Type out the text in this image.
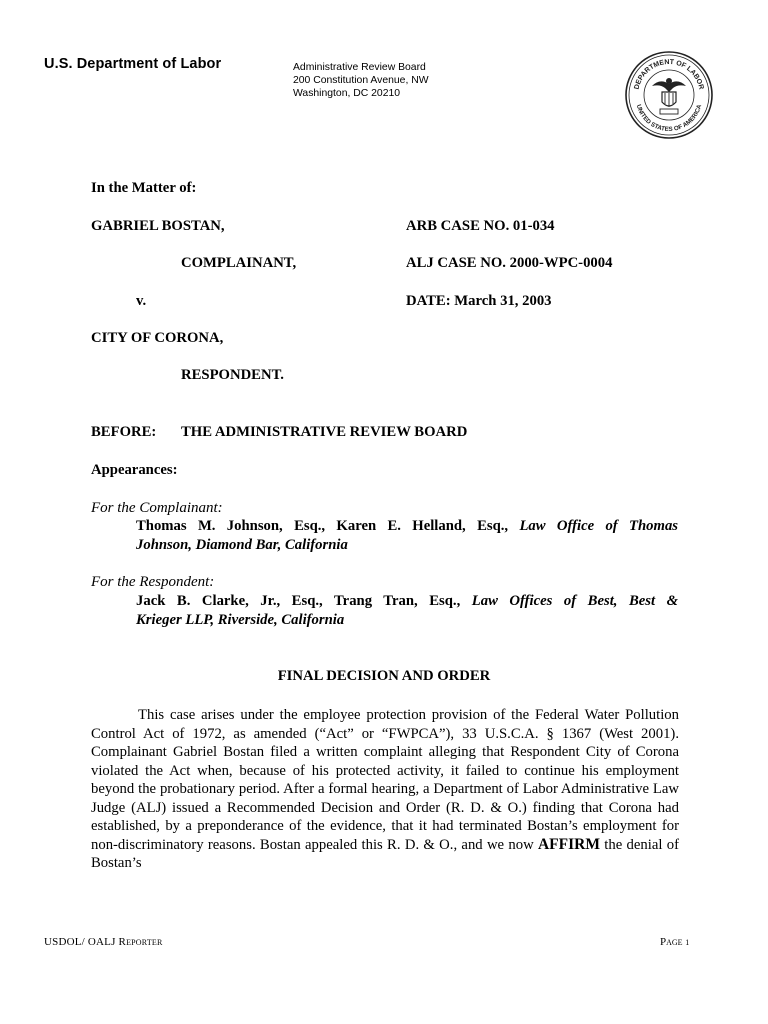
U.S. Department of Labor	Administrative Review Board
200 Constitution Avenue, NW
Washington, DC 20210
DEPARTMENT OF LABOR
UNITED STATES OF AMERICA
In the Matter of:
GABRIEL BOSTAN,	ARB CASE NO. 01-034
COMPLAINANT,	ALJ CASE NO. 2000-WPC-0004
v.	DATE: March 31, 2003
CITY OF CORONA,
RESPONDENT.
BEFORE: THE ADMINISTRATIVE REVIEW BOARD
Appearances:
For the Complainant:
Thomas M. Johnson, Esq., Karen E. Helland, Esq., Law Office of Thomas
Johnson, Diamond Bar, California
For the Respondent:
Jack B. Clarke, Jr., Esq., Trang Tran, Esq., Law Offices of Best, Best &
Krieger LLP, Riverside, California
FINAL DECISION AND ORDER
This case arises under the employee protection provision of the Federal Water Pollution Control Act of 1972, as amended (“Act” or “FWPCA”), 33 U.S.C.A. § 1367 (West 2001). Complainant Gabriel Bostan filed a written complaint alleging that Respondent City of Corona violated the Act when, because of his protected activity, it failed to continue his employment beyond the probationary period. After a formal hearing, a Department of Labor Administrative Law Judge (ALJ) issued a Recommended Decision and Order (R. D. & O.) finding that Corona had established, by a preponderance of the evidence, that it had terminated Bostan’s employment for non-discriminatory reasons. Bostan appealed this R. D. & O., and we now AFFIRM the denial of Bostan’s
USDOL/ OALJ REPORTER	PAGE 1
